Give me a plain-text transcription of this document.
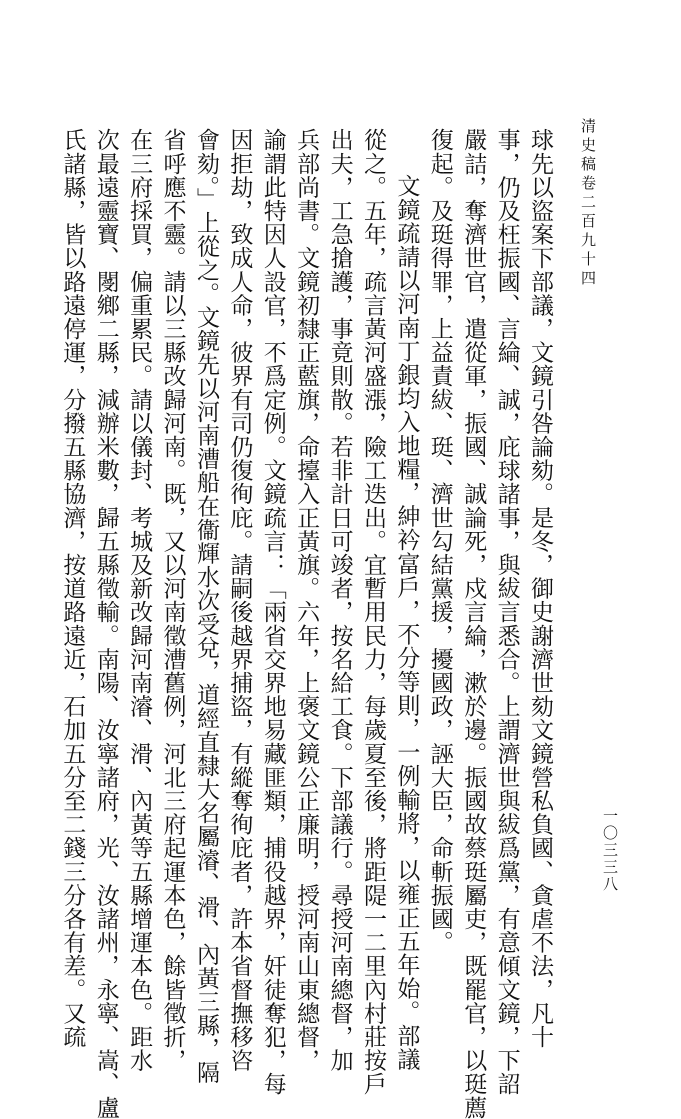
清史稿卷二百九十四
一〇三三八
球先以盜案下部議，文鏡引咎論劾。是冬，御史謝濟世劾文鏡營私負國、貪虐不法，凡十
事，仍及枉振國、言綸、誠，庇球諸事，與紱言悉合。上謂濟世與紱爲黨，有意傾文鏡，下詔
嚴詰，奪濟世官，遣從軍，振國、誠論死，戍言綸，漱於邊。振國故蔡珽屬吏，既罷官，以珽薦
復起。及珽得罪，上益責紱、珽、濟世勾結黨援，擾國政，誣大臣，命斬振國。
文鏡疏請以河南丁銀均入地糧，紳衿富戶，不分等則，一例輸將，以雍正五年始。部議
從之。五年，疏言黃河盛漲，險工迭出。宜暫用民力，每歲夏至後，將距隄一二里內村莊按戶
出夫，工急搶護，事竟則散。若非計日可竣者，按名給工食。下部議行。尋授河南總督，加
兵部尚書。文鏡初隸正藍旗，命擡入正黃旗。六年，上褒文鏡公正廉明，授河南山東總督，
諭謂此特因人設官，不爲定例。文鏡疏言：「兩省交界地易藏匪類，捕役越界，奸徒奪犯，每
因拒劫，致成人命，彼界有司仍復徇庇。請嗣後越界捕盜，有縱奪徇庇者，許本省督撫移咨
會劾。」上從之。文鏡先以河南漕船在衞輝水次受兌，道經直隸大名屬濬、滑、內黃三縣，隔
省呼應不靈。請以三縣改歸河南。既，又以河南徵漕舊例，河北三府起運本色，餘皆徵折，
在三府採買，偏重累民。請以儀封、考城及新改歸河南濬、滑、內黃等五縣增運本色。距水
次最遠靈寶、閿鄉二縣，減辦米數，歸五縣徵輸。南陽、汝寧諸府，光、汝諸州，永寧、嵩、盧
氏諸縣，皆以路遠停運，分撥五縣協濟，按道路遠近，石加五分至二錢三分各有差。又疏
